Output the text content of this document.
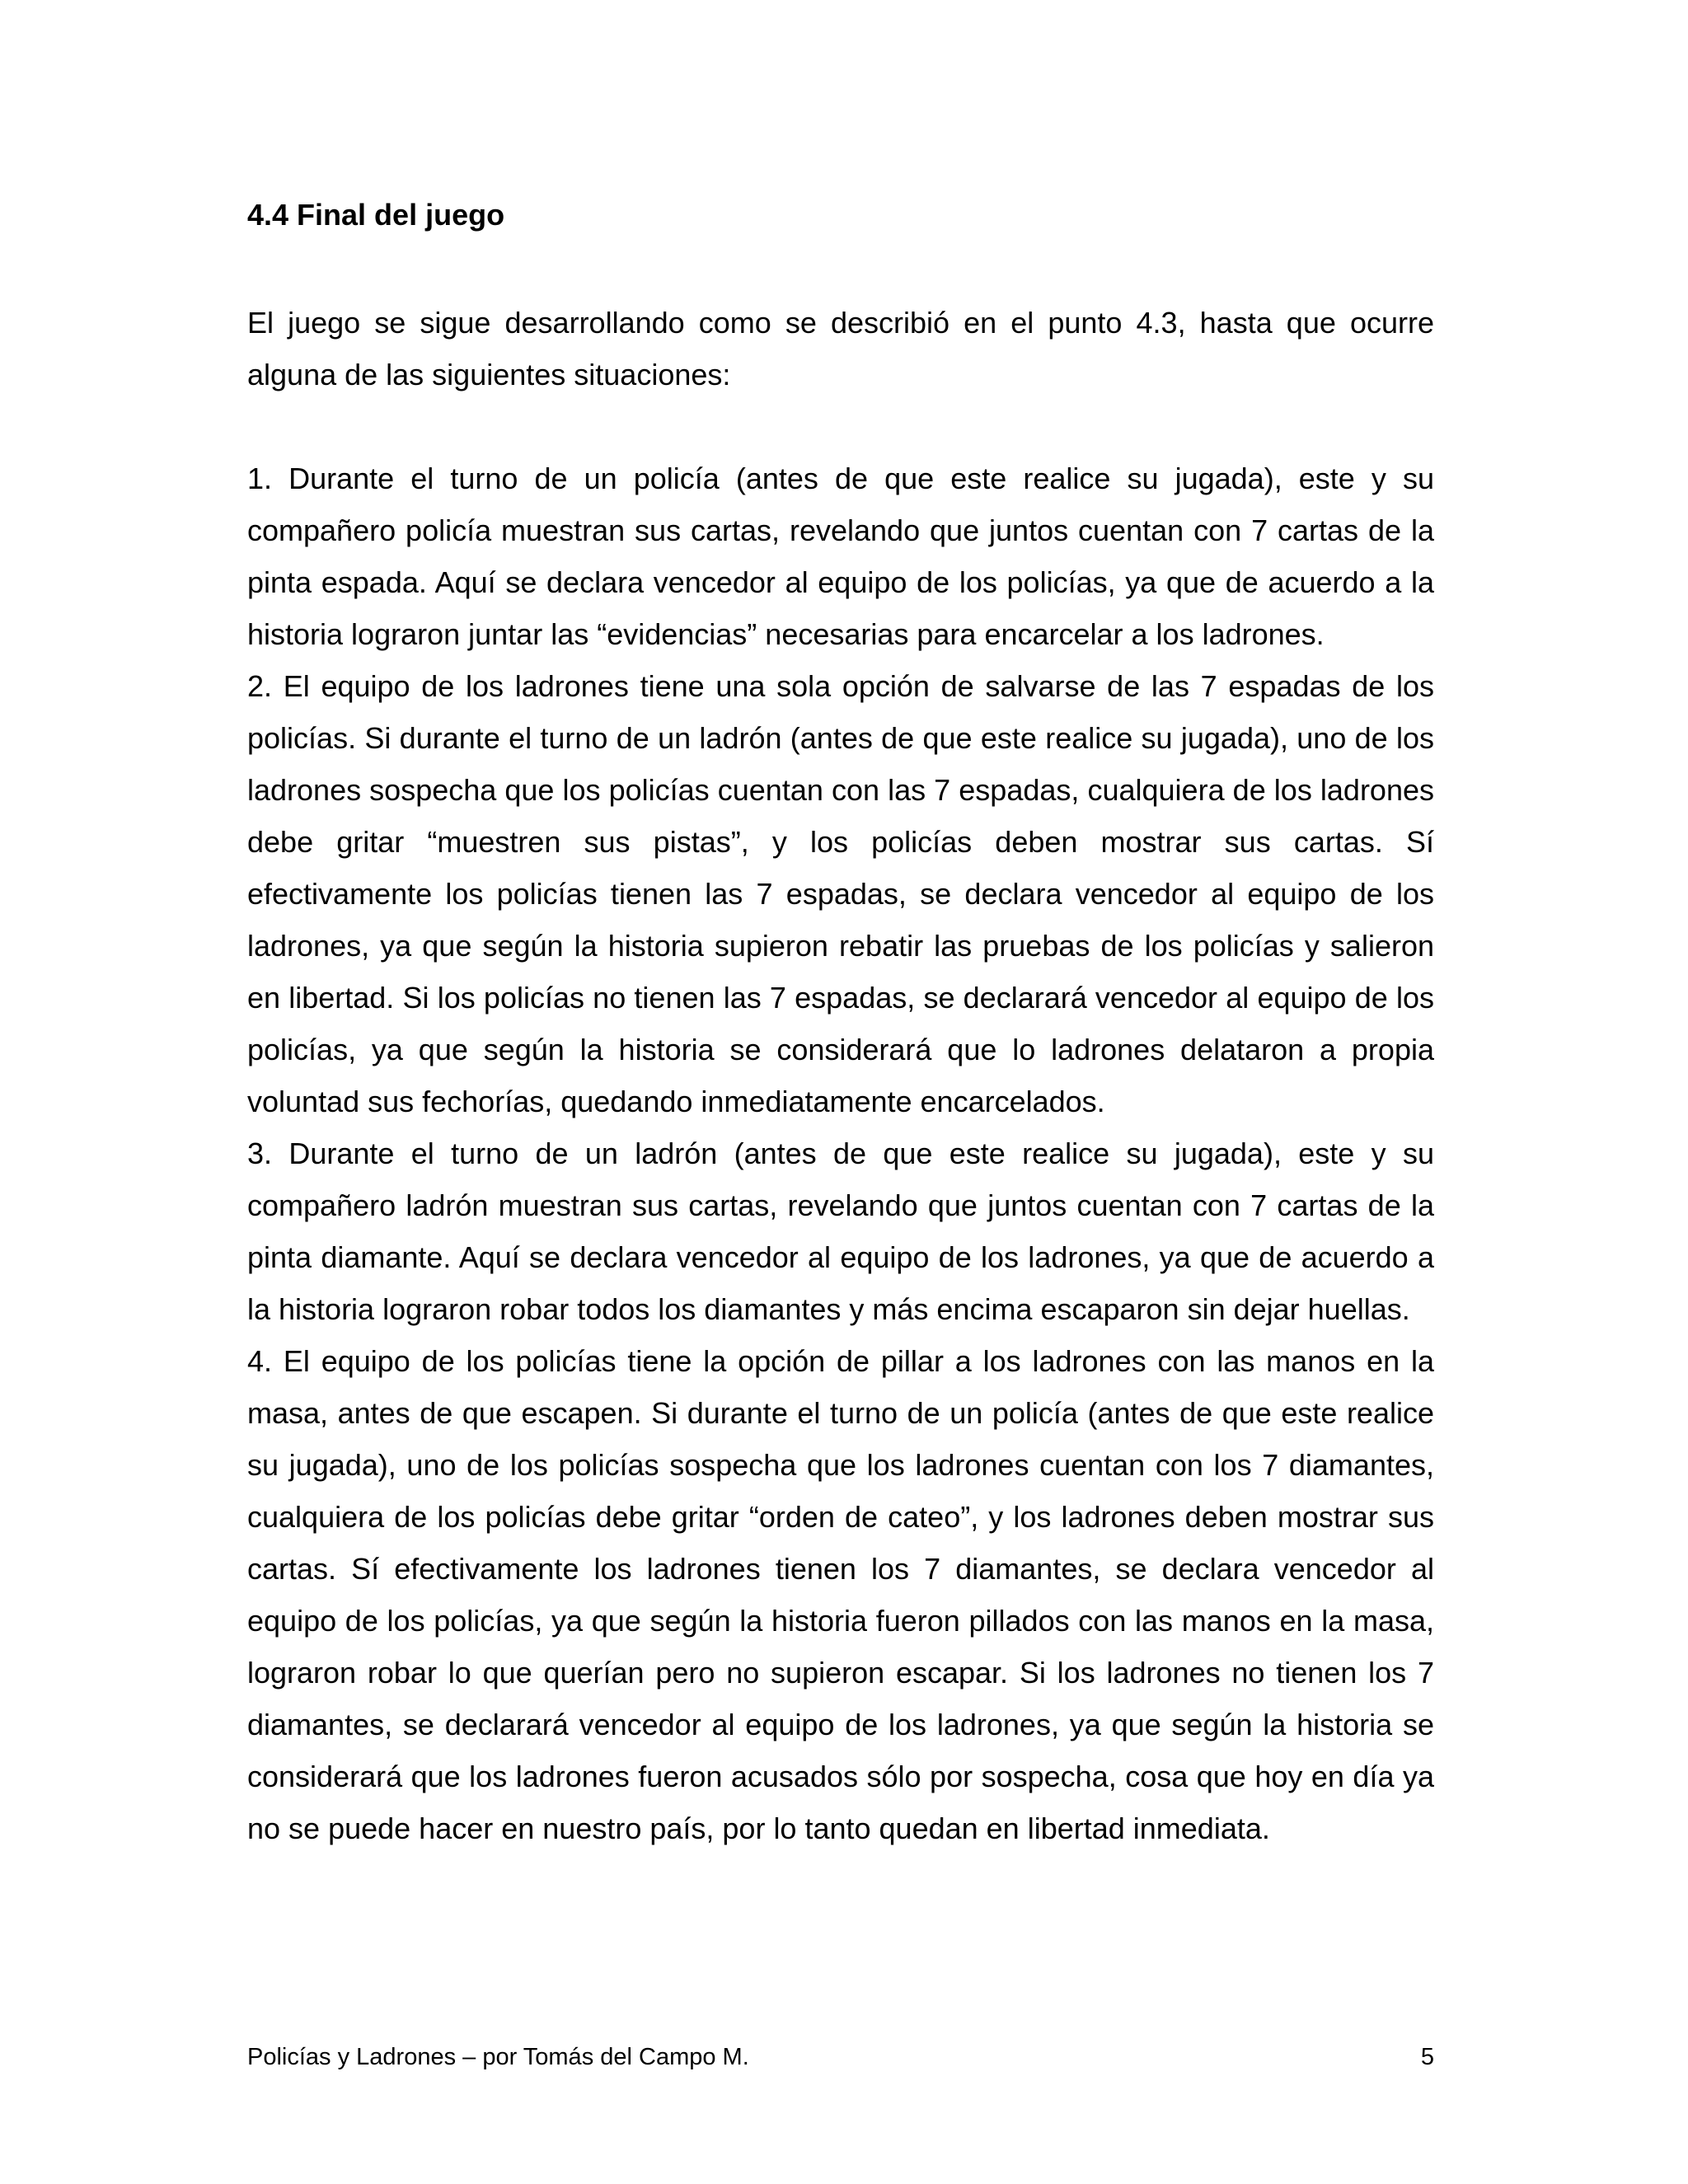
4.4 Final del juego

El juego se sigue desarrollando como se describió en el punto 4.3, hasta que ocurre alguna de las siguientes situaciones:

1. Durante el turno de un policía (antes de que este realice su jugada), este y su compañero policía muestran sus cartas, revelando que juntos cuentan con 7 cartas de la pinta espada. Aquí se declara vencedor al equipo de los policías, ya que de acuerdo a la historia lograron juntar las “evidencias” necesarias para encarcelar a los ladrones.

2. El equipo de los ladrones tiene una sola opción de salvarse de las 7 espadas de los policías. Si durante el turno de un ladrón (antes de que este realice su jugada), uno de los ladrones sospecha que los policías cuentan con las 7 espadas, cualquiera de los ladrones debe gritar “muestren sus pistas”, y los policías deben mostrar sus cartas. Sí efectivamente los policías tienen las 7 espadas, se declara vencedor al equipo de los ladrones, ya que según la historia supieron rebatir las pruebas de los policías y salieron en libertad. Si los policías no tienen las 7 espadas, se declarará vencedor al equipo de los policías, ya que según la historia se considerará que lo ladrones delataron a propia voluntad sus fechorías, quedando inmediatamente encarcelados.

3. Durante el turno de un ladrón (antes de que este realice su jugada), este y su compañero ladrón muestran sus cartas, revelando que juntos cuentan con 7 cartas de la pinta diamante. Aquí se declara vencedor al equipo de los ladrones, ya que de acuerdo a la historia lograron robar todos los diamantes y más encima escaparon sin dejar huellas.

4. El equipo de los policías tiene la opción de pillar a los ladrones con las manos en la masa, antes de que escapen. Si durante el turno de un policía (antes de que este realice su jugada), uno de los policías sospecha que los ladrones cuentan con los 7 diamantes, cualquiera de los policías debe gritar “orden de cateo”, y los ladrones deben mostrar sus cartas. Sí efectivamente los ladrones tienen los 7 diamantes, se declara vencedor al equipo de los policías, ya que según la historia fueron pillados con las manos en la masa, lograron robar lo que querían pero no supieron escapar. Si los ladrones no tienen los 7 diamantes, se declarará vencedor al equipo de los ladrones, ya que según la historia se considerará que los ladrones fueron acusados sólo por sospecha, cosa que hoy en día ya no se puede hacer en nuestro país, por lo tanto quedan en libertad inmediata.

Policías y Ladrones – por Tomás del Campo M.	5
